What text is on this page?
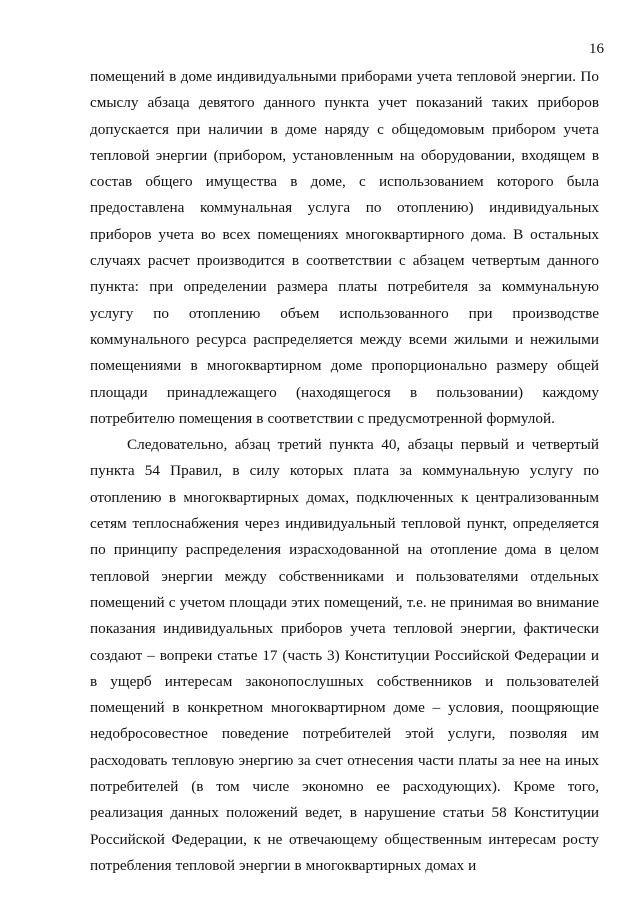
16

помещений в доме индивидуальными приборами учета тепловой энергии. По смыслу абзаца девятого данного пункта учет показаний таких приборов допускается при наличии в доме наряду с общедомовым прибором учета тепловой энергии (прибором, установленным на оборудовании, входящем в состав общего имущества в доме, с использованием которого была предоставлена коммунальная услуга по отоплению) индивидуальных приборов учета во всех помещениях многоквартирного дома. В остальных случаях расчет производится в соответствии с абзацем четвертым данного пункта: при определении размера платы потребителя за коммунальную услугу по отоплению объем использованного при производстве коммунального ресурса распределяется между всеми жилыми и нежилыми помещениями в многоквартирном доме пропорционально размеру общей площади принадлежащего (находящегося в пользовании) каждому потребителю помещения в соответствии с предусмотренной формулой.

Следовательно, абзац третий пункта 40, абзацы первый и четвертый пункта 54 Правил, в силу которых плата за коммунальную услугу по отоплению в многоквартирных домах, подключенных к централизованным сетям теплоснабжения через индивидуальный тепловой пункт, определяется по принципу распределения израсходованной на отопление дома в целом тепловой энергии между собственниками и пользователями отдельных помещений с учетом площади этих помещений, т.е. не принимая во внимание показания индивидуальных приборов учета тепловой энергии, фактически создают – вопреки статье 17 (часть 3) Конституции Российской Федерации и в ущерб интересам законопослушных собственников и пользователей помещений в конкретном многоквартирном доме – условия, поощряющие недобросовестное поведение потребителей этой услуги, позволяя им расходовать тепловую энергию за счет отнесения части платы за нее на иных потребителей (в том числе экономно ее расходующих). Кроме того, реализация данных положений ведет, в нарушение статьи 58 Конституции Российской Федерации, к не отвечающему общественным интересам росту потребления тепловой энергии в многоквартирных домах и
